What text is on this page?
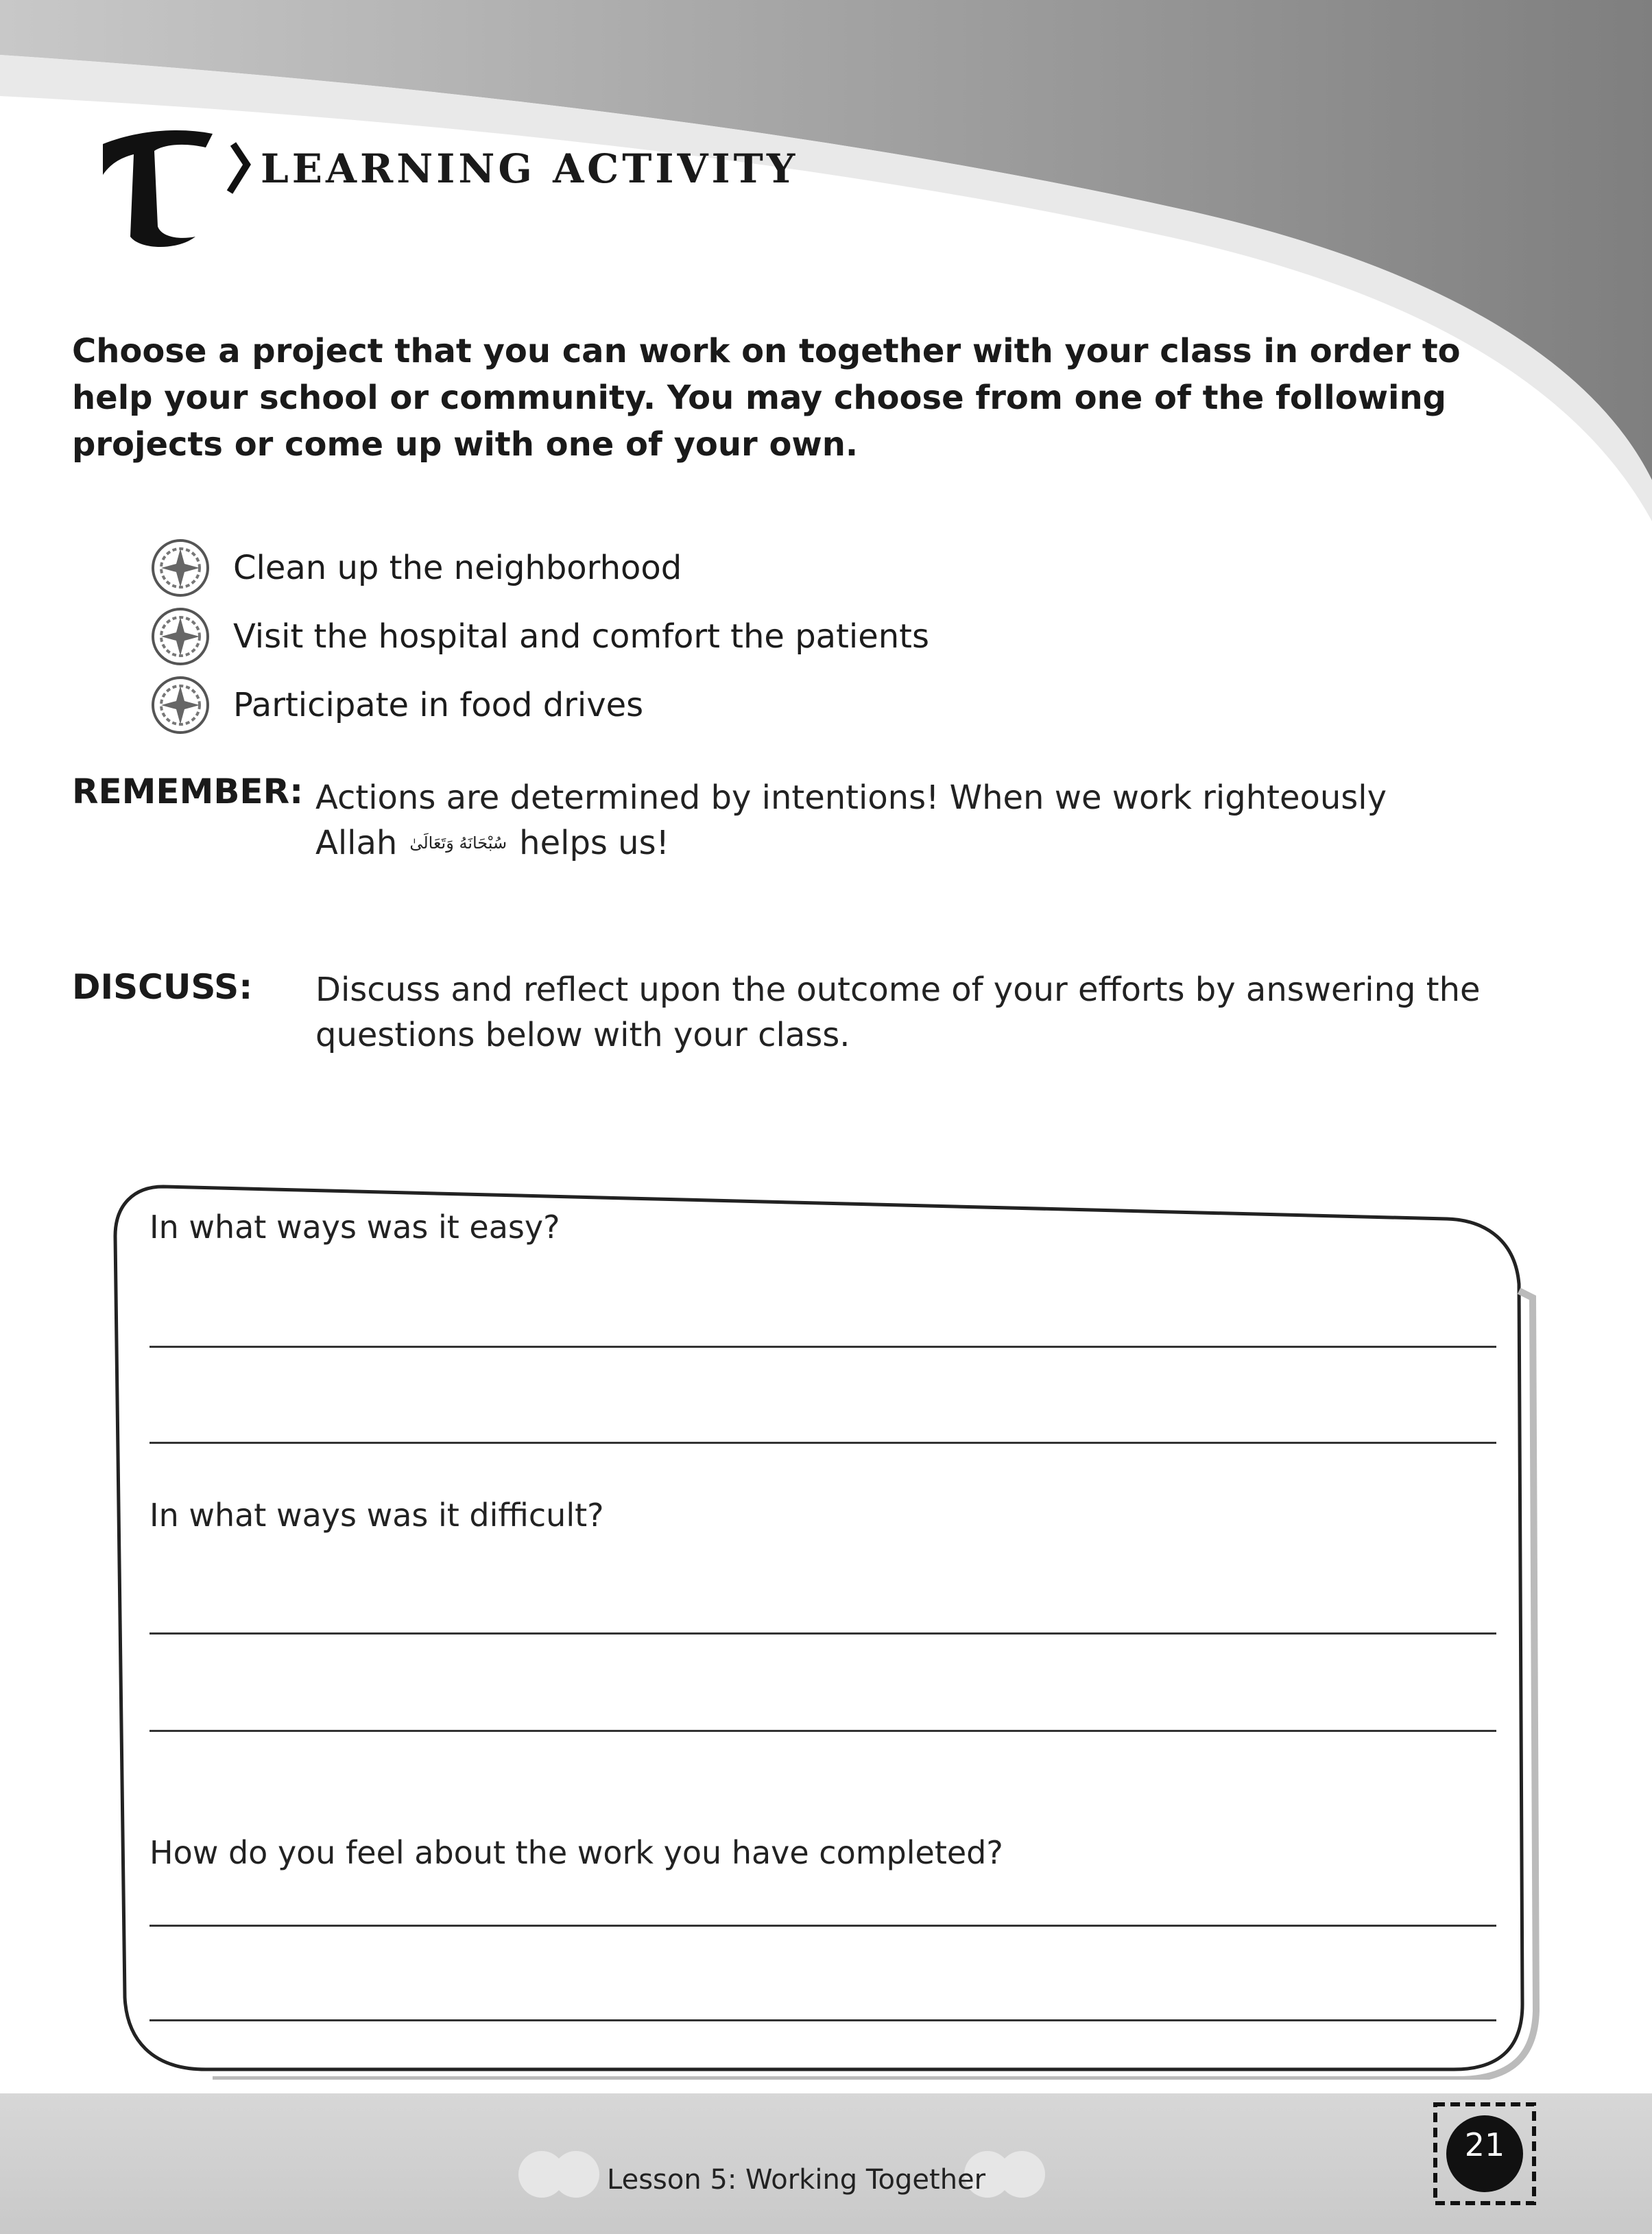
LEARNING ACTIVITY
Choose a project that you can work on together with your class in order to help your school or community. You may choose from one of the following projects or come up with one of your own.
Clean up the neighborhood
Visit the hospital and comfort the patients
Participate in food drives
REMEMBER: Actions are determined by intentions! When we work righteously
Allah سُبْحَانَهُ وَتَعَالَىٰ helps us!
DISCUSS: Discuss and reflect upon the outcome of your efforts by answering the
questions below with your class.
In what ways was it easy?
In what ways was it difficult?
How do you feel about the work you have completed?
Lesson 5: Working Together
21
